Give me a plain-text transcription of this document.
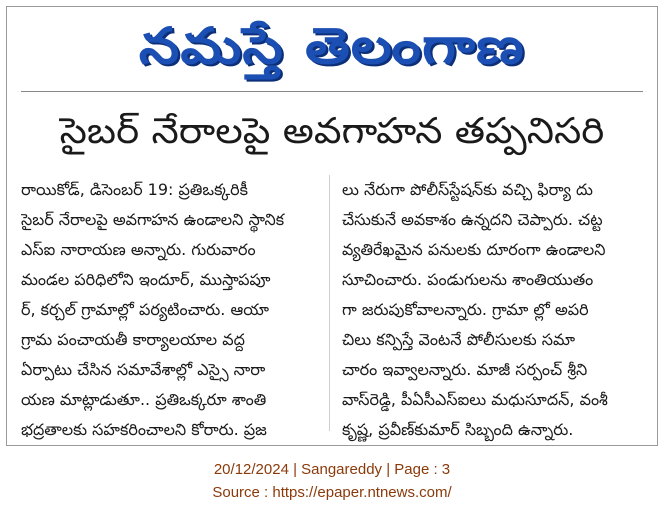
నమస్తే తెలంగాణ
సైబర్ నేరాలపై అవగాహన తప్పనిసరి
రాయికోడ్, డిసెంబర్ 19: ప్రతిఒక్కరికీ
సైబర్ నేరాలపై అవగాహన ఉండాలని స్థానిక
ఎస్ఐ నారాయణ అన్నారు. గురువారం
మండల పరిధిలోని ఇందూర్, ముస్తాపపూ
ర్, కర్చల్ గ్రామాల్లో పర్యటించారు. ఆయా
గ్రామ పంచాయతీ కార్యాలయాల వద్ద
ఏర్పాటు చేసిన సమావేశాల్లో ఎస్సై నారా
యణ మాట్లాడుతూ.. ప్రతిఒక్కరూ శాంతి
భద్రతాలకు సహకరించాలని కోరారు. ప్రజ
లు నేరుగా పోలీస్‌స్టేషన్‌కు వచ్చి ఫిర్యా దు
చేసుకునే అవకాశం ఉన్నదని చెప్పారు. చట్ట
వ్యతిరేఖమైన పనులకు దూరంగా ఉండాలని
సూచించారు. పండుగులను శాంతియుతం
గా జరుపుకోవాలన్నారు. గ్రామా ల్లో అపరి
చిలు కన్పిస్తే వెంటనే పోలీసులకు సమా
చారం ఇవ్వాలన్నారు. మాజీ సర్పంచ్ శ్రీని
వాస్‌రెడ్డి, పీఏసీఎస్‌ఐలు మధుసూదన్, వంశీ
కృష్ణ, ప్రవీణ్‌కుమార్ సిబ్బంది ఉన్నారు.
20/12/2024 | Sangareddy | Page : 3
Source : https://epaper.ntnews.com/
